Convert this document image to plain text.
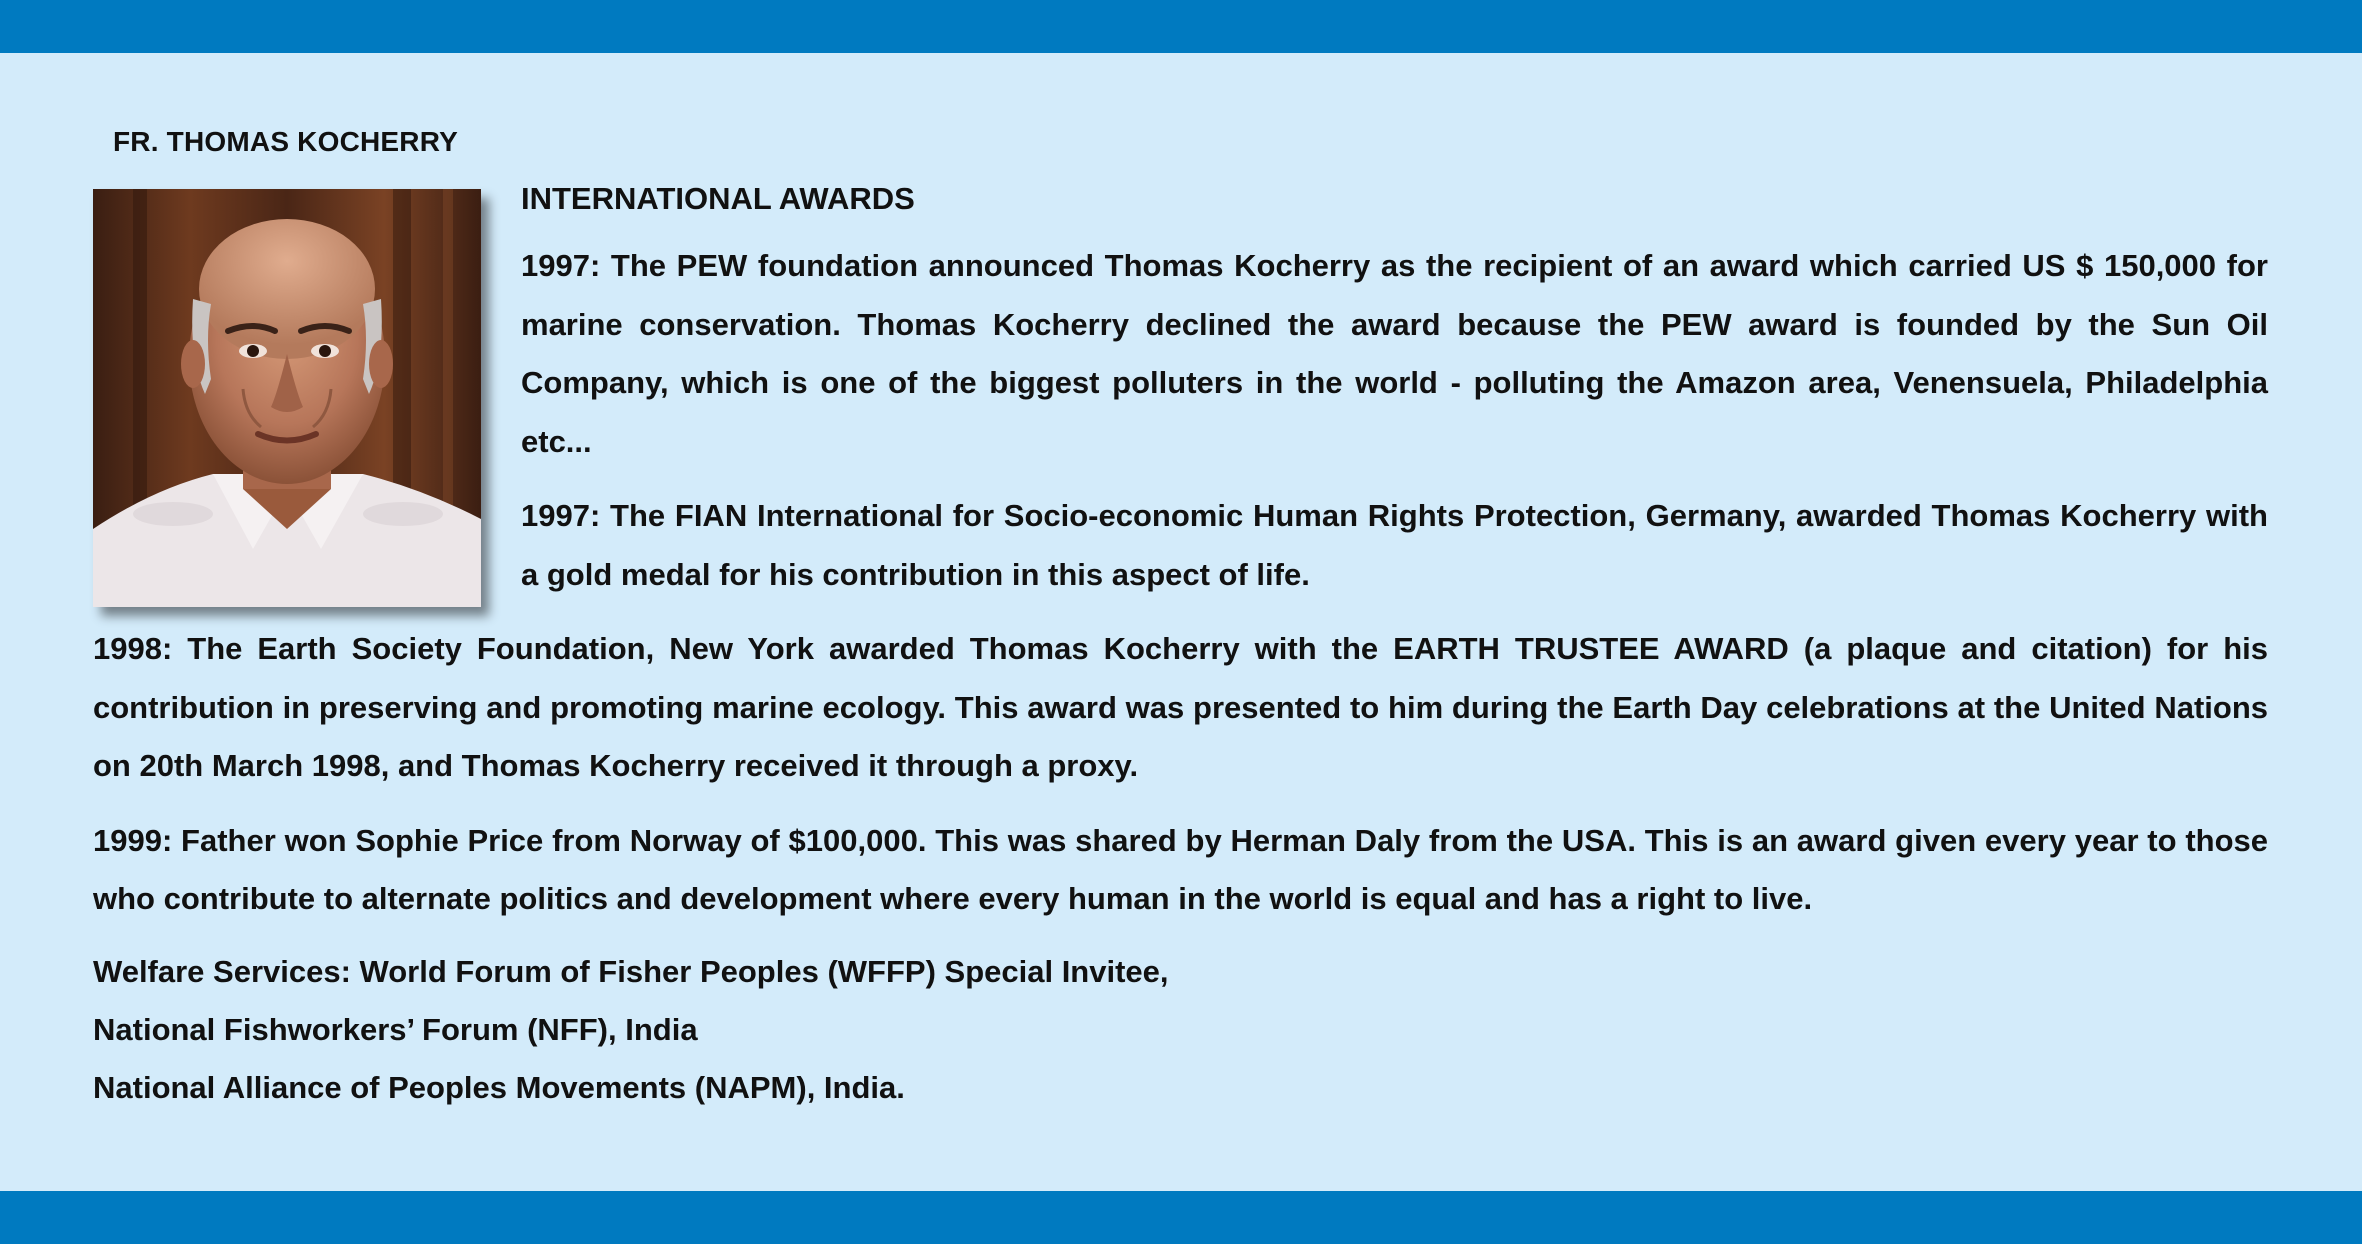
FR. THOMAS KOCHERRY
INTERNATIONAL AWARDS

1997: The PEW foundation announced Thomas Kocherry as the recipient of an award which carried US $ 150,000 for marine conservation. Thomas Kocherry declined the award because the PEW award is founded by the Sun Oil Company, which is one of the biggest polluters in the world - polluting the Amazon area, Venensuela, Philadelphia etc...

1997: The FIAN International for Socio-economic Human Rights Protection, Germany, awarded Thomas Kocherry with a gold medal for his contribution in this aspect of life.

1998: The Earth Society Foundation, New York awarded Thomas Kocherry with the EARTH TRUSTEE AWARD (a plaque and citation) for his contribution in preserving and promoting marine ecology. This award was presented to him during the Earth Day celebrations at the United Nations on 20th March 1998, and Thomas Kocherry received it through a proxy.

1999: Father won Sophie Price from Norway of $100,000. This was shared by Herman Daly from the USA. This is an award given every year to those who contribute to alternate politics and development where every human in the world is equal and has a right to live.

Welfare Services: World Forum of Fisher Peoples (WFFP) Special Invitee,

National Fishworkers’ Forum (NFF), India

National Alliance of Peoples Movements (NAPM), India.
